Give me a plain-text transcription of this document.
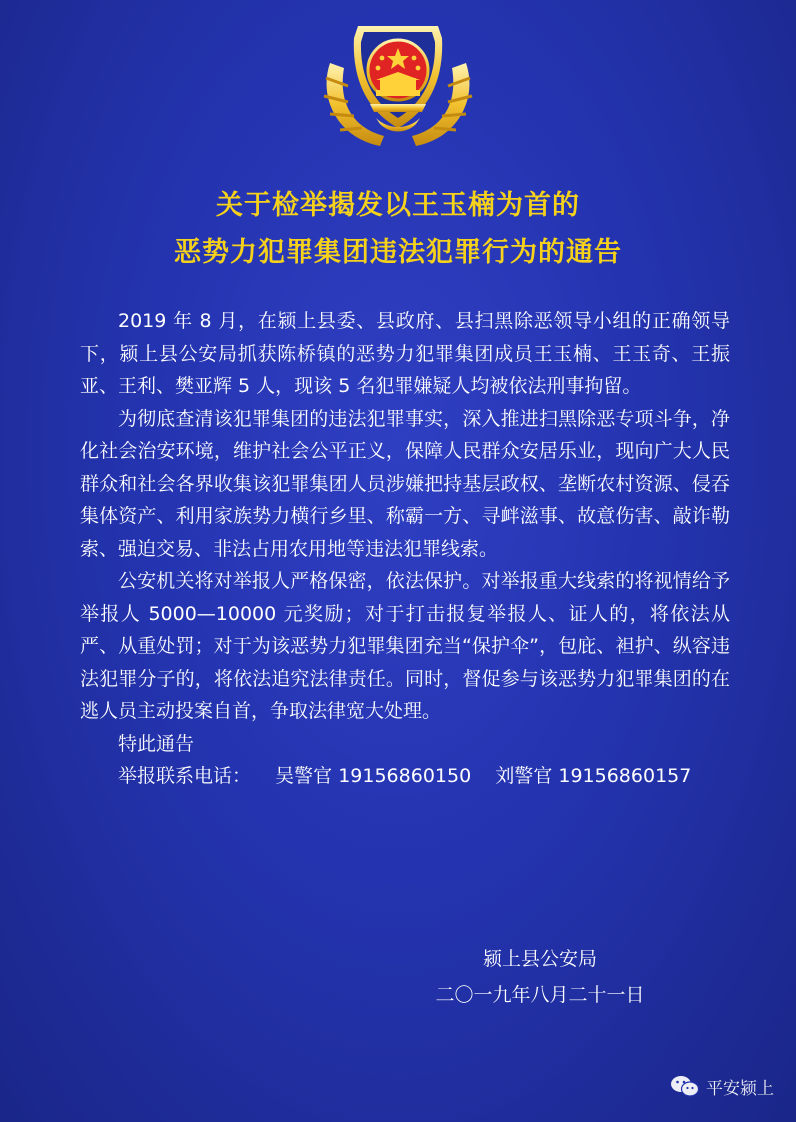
关于检举揭发以王玉楠为首的
恶势力犯罪集团违法犯罪行为的通告

2019 年 8 月，在颍上县委、县政府、县扫黑除恶领导小组的正确领导下，颍上县公安局抓获陈桥镇的恶势力犯罪集团成员王玉楠、王玉奇、王振亚、王利、樊亚辉 5 人，现该 5 名犯罪嫌疑人均被依法刑事拘留。

为彻底查清该犯罪集团的违法犯罪事实，深入推进扫黑除恶专项斗争，净化社会治安环境，维护社会公平正义，保障人民群众安居乐业，现向广大人民群众和社会各界收集该犯罪集团人员涉嫌把持基层政权、垄断农村资源、侵吞集体资产、利用家族势力横行乡里、称霸一方、寻衅滋事、故意伤害、敲诈勒索、强迫交易、非法占用农用地等违法犯罪线索。

公安机关将对举报人严格保密，依法保护。对举报重大线索的将视情给予举报人 5000—10000 元奖励；对于打击报复举报人、证人的，将依法从严、从重处罚；对于为该恶势力犯罪集团充当“保护伞”，包庇、袒护、纵容违法犯罪分子的，将依法追究法律责任。同时，督促参与该恶势力犯罪集团的在逃人员主动投案自首，争取法律宽大处理。

特此通告

举报联系电话：    吴警官 19156860150    刘警官 19156860157

颍上县公安局
二〇一九年八月二十一日
平安颍上
